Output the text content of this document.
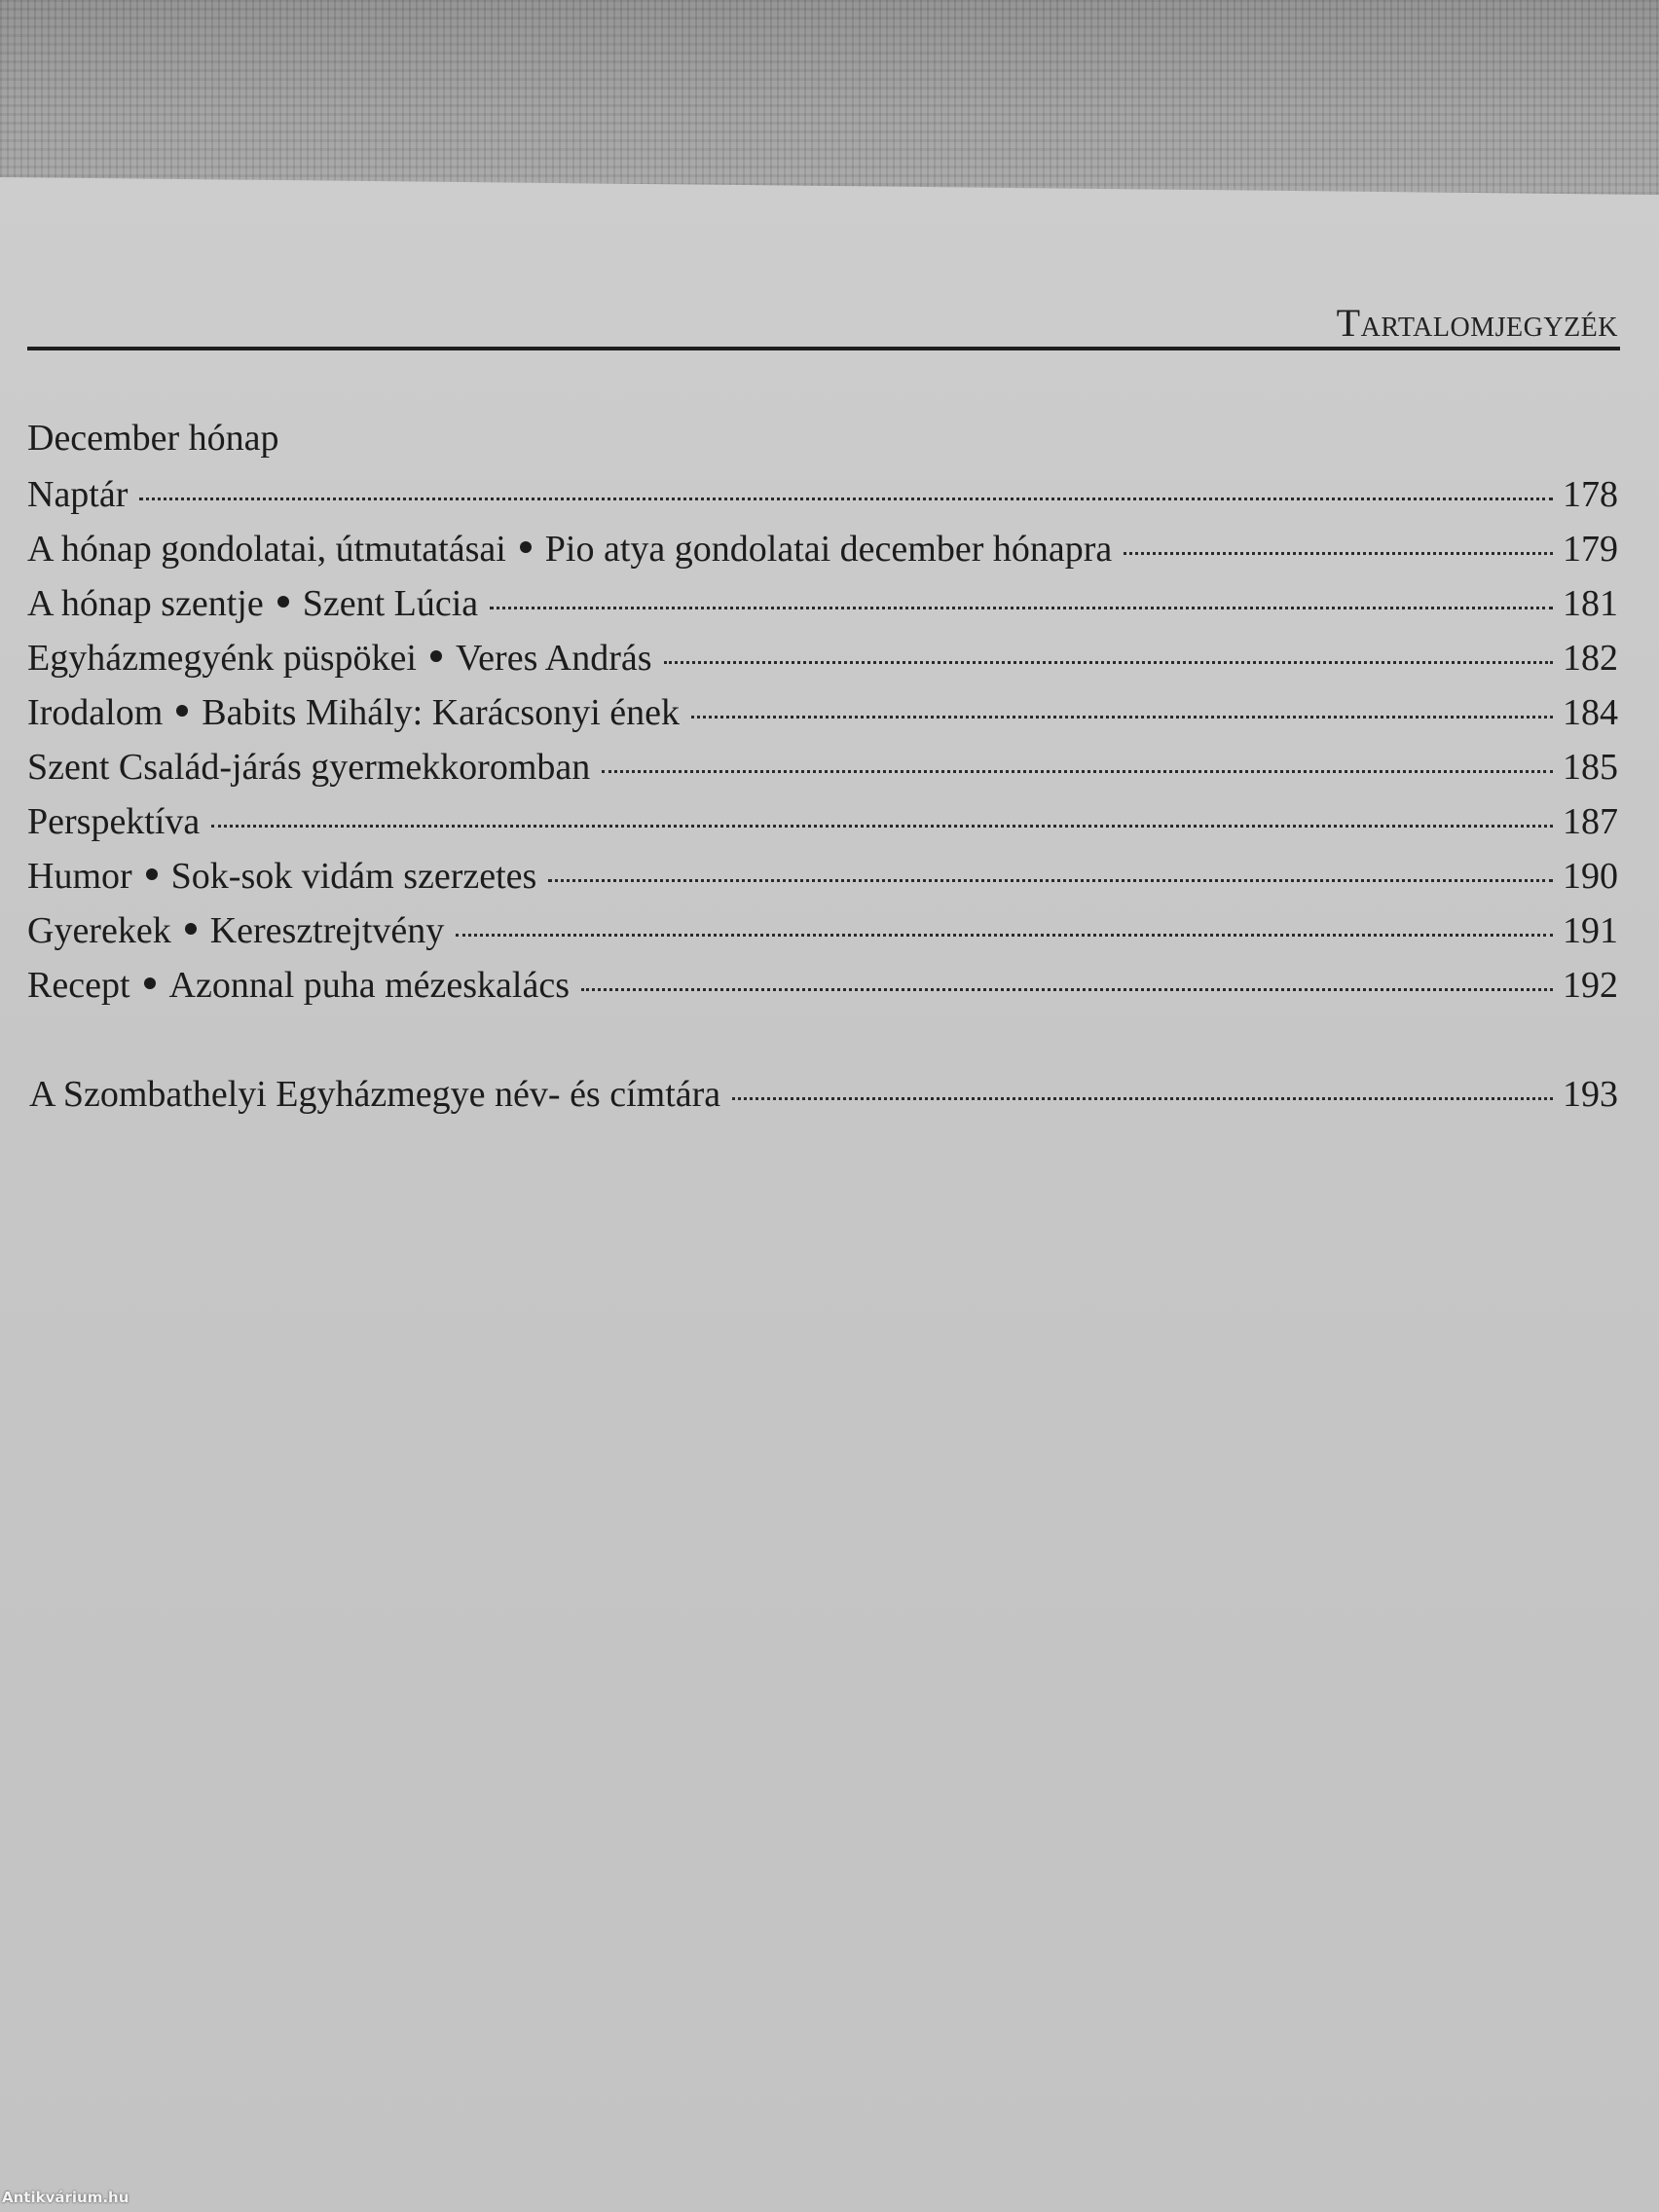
Tartalomjegyzék
December hónap
Naptár	178
A hónap gondolatai, útmutatásai Pio atya gondolatai december hónapra	179
A hónap szentje Szent Lúcia	181
Egyházmegyénk püspökei Veres András	182
Irodalom Babits Mihály: Karácsonyi ének	184
Szent Család-járás gyermekkoromban	185
Perspektíva	187
Humor Sok-sok vidám szerzetes	190
Gyerekek Keresztrejtvény	191
Recept Azonnal puha mézeskalács	192
A Szombathelyi Egyházmegye név- és címtára	193
Antikvárium.hu
